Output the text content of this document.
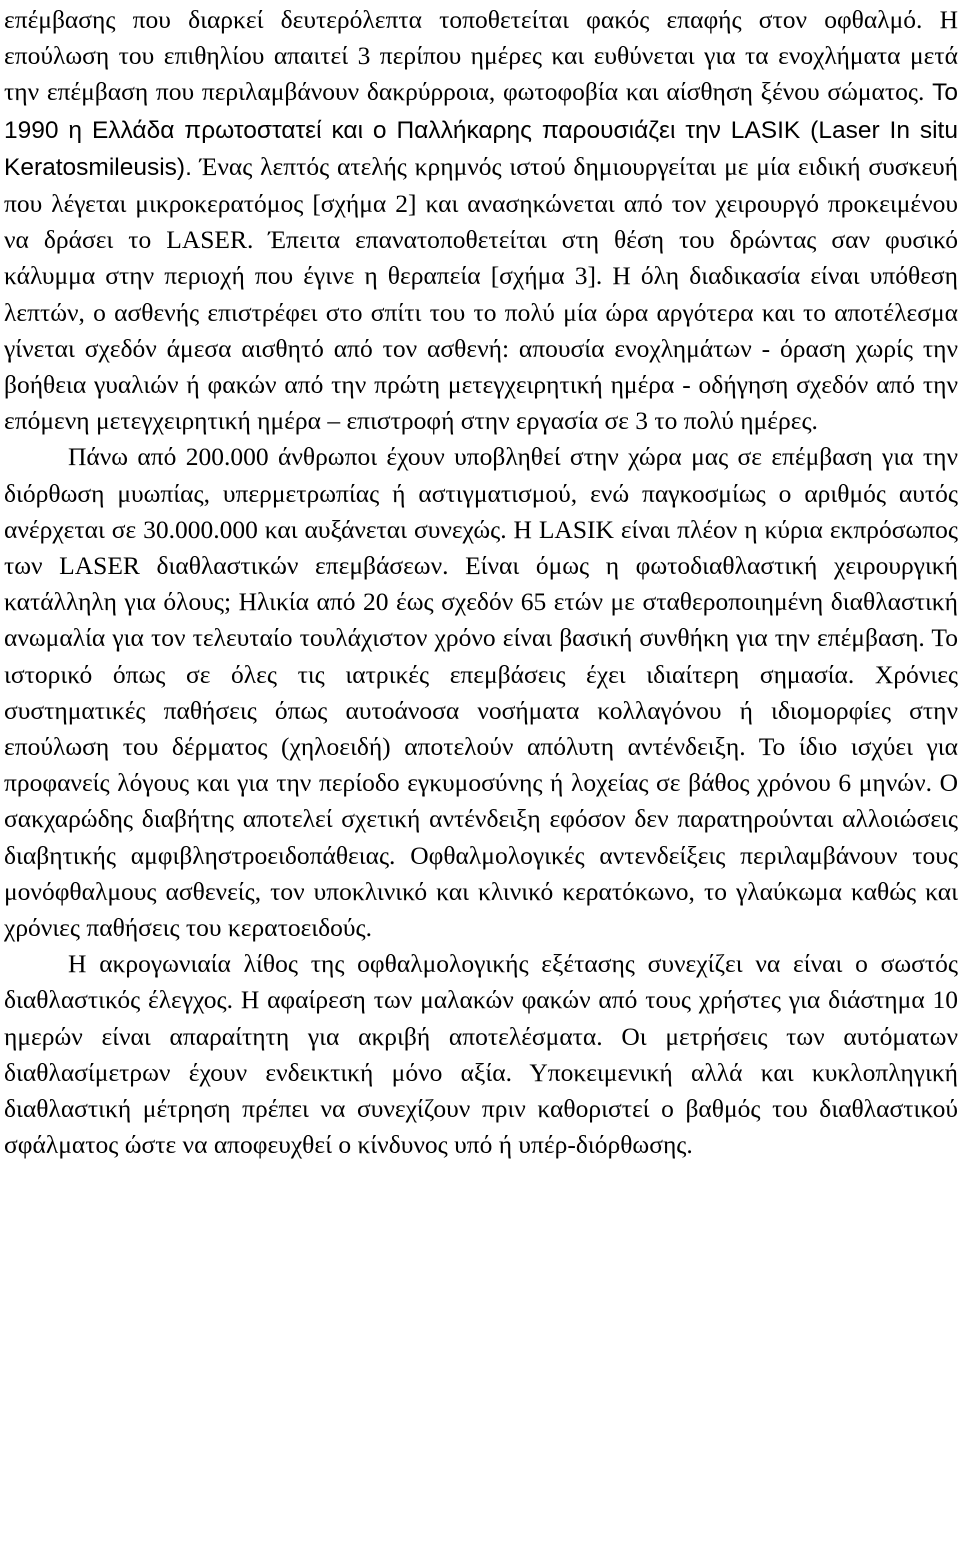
επέμβασης που διαρκεί δευτερόλεπτα τοποθετείται φακός επαφής στον οφθαλμό. Η επούλωση του επιθηλίου απαιτεί 3 περίπου ημέρες και ευθύνεται για τα ενοχλήματα μετά την επέμβαση που περιλαμβάνουν δακρύρροια, φωτοφοβία και αίσθηση ξένου σώματος. Το 1990 η Ελλάδα πρωτοστατεί και ο Παλλήκαρης παρουσιάζει την LASIK (Laser In situ Keratosmileusis). Ένας λεπτός ατελής κρημνός ιστού δημιουργείται με μία ειδική συσκευή που λέγεται μικροκερατόμος [σχήμα 2] και ανασηκώνεται από τον χειρουργό προκειμένου να δράσει το LASER. Έπειτα επανατοποθετείται στη θέση του δρώντας σαν φυσικό κάλυμμα στην περιοχή που έγινε η θεραπεία [σχήμα 3]. Η όλη διαδικασία είναι υπόθεση λεπτών, ο ασθενής επιστρέφει στο σπίτι του το πολύ μία ώρα αργότερα και το αποτέλεσμα γίνεται σχεδόν άμεσα αισθητό από τον ασθενή: απουσία ενοχλημάτων - όραση χωρίς την βοήθεια γυαλιών ή φακών από την πρώτη μετεγχειρητική ημέρα - οδήγηση σχεδόν από την επόμενη μετεγχειρητική ημέρα – επιστροφή στην εργασία σε 3 το πολύ ημέρες.

Πάνω από 200.000 άνθρωποι έχουν υποβληθεί στην χώρα μας σε επέμβαση για την διόρθωση μυωπίας, υπερμετρωπίας ή αστιγματισμού, ενώ παγκοσμίως ο αριθμός αυτός ανέρχεται σε 30.000.000 και αυξάνεται συνεχώς. Η LASIK είναι πλέον η κύρια εκπρόσωπος των LASER διαθλαστικών επεμβάσεων. Είναι όμως η φωτοδιαθλαστική χειρουργική κατάλληλη για όλους; Ηλικία από 20 έως σχεδόν 65 ετών με σταθεροποιημένη διαθλαστική ανωμαλία για τον τελευταίο τουλάχιστον χρόνο είναι βασική συνθήκη για την επέμβαση. Το ιστορικό όπως σε όλες τις ιατρικές επεμβάσεις έχει ιδιαίτερη σημασία. Χρόνιες συστηματικές παθήσεις όπως αυτοάνοσα νοσήματα κολλαγόνου ή ιδιομορφίες στην επούλωση του δέρματος (χηλοειδή) αποτελούν απόλυτη αντένδειξη. Το ίδιο ισχύει για προφανείς λόγους και για την περίοδο εγκυμοσύνης ή λοχείας σε βάθος χρόνου 6 μηνών. Ο σακχαρώδης διαβήτης αποτελεί σχετική αντένδειξη εφόσον δεν παρατηρούνται αλλοιώσεις διαβητικής αμφιβληστροειδοπάθειας. Οφθαλμολογικές αντενδείξεις περιλαμβάνουν τους μονόφθαλμους ασθενείς, τον υποκλινικό και κλινικό κερατόκωνο, το γλαύκωμα καθώς και χρόνιες παθήσεις του κερατοειδούς.

Η ακρογωνιαία λίθος της οφθαλμολογικής εξέτασης συνεχίζει να είναι ο σωστός διαθλαστικός έλεγχος. Η αφαίρεση των μαλακών φακών από τους χρήστες για διάστημα 10 ημερών είναι απαραίτητη για ακριβή αποτελέσματα. Οι μετρήσεις των αυτόματων διαθλασίμετρων έχουν ενδεικτική μόνο αξία. Υποκειμενική αλλά και κυκλοπληγική διαθλαστική μέτρηση πρέπει να συνεχίζουν πριν καθοριστεί ο βαθμός του διαθλαστικού σφάλματος ώστε να αποφευχθεί ο κίνδυνος υπό ή υπέρ-διόρθωσης.
